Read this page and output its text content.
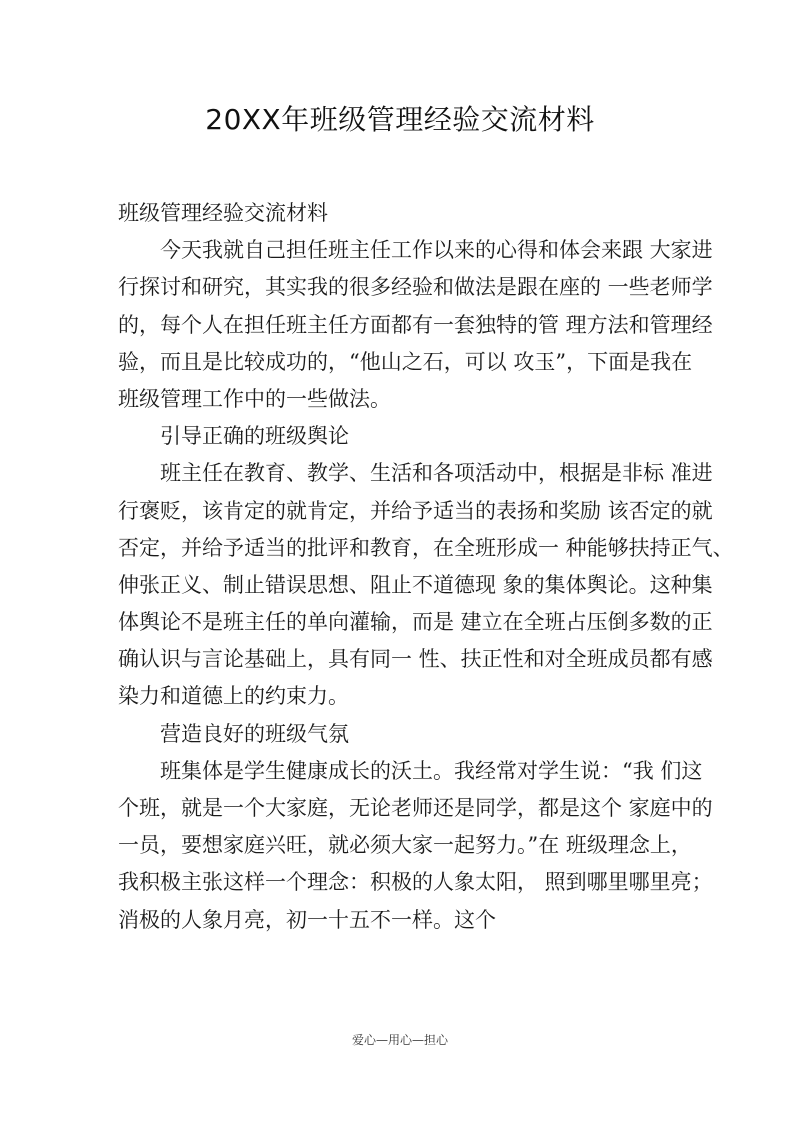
20XX年班级管理经验交流材料
班级管理经验交流材料
今天我就自己担任班主任工作以来的心得和体会来跟 大家进
行探讨和研究，其实我的很多经验和做法是跟在座的 一些老师学
的，每个人在担任班主任方面都有一套独特的管 理方法和管理经
验，而且是比较成功的，“他山之石，可以 攻玉”，下面是我在
班级管理工作中的一些做法。
引导正确的班级舆论
班主任在教育、教学、生活和各项活动中，根据是非标 准进
行褒贬，该肯定的就肯定，并给予适当的表扬和奖励 该否定的就
否定，并给予适当的批评和教育，在全班形成一 种能够扶持正气、
伸张正义、制止错误思想、阻止不道德现 象的集体舆论。这种集
体舆论不是班主任的单向灌输，而是 建立在全班占压倒多数的正
确认识与言论基础上，具有同一 性、扶正性和对全班成员都有感
染力和道德上的约束力。
营造良好的班级气氛
班集体是学生健康成长的沃土。我经常对学生说：“我 们这
个班，就是一个大家庭，无论老师还是同学，都是这个 家庭中的
一员，要想家庭兴旺，就必须大家一起努力。”在 班级理念上，
我积极主张这样一个理念：积极的人象太阳， 照到哪里哪里亮；
消极的人象月亮，初一十五不一样。这个
爱心—用心—担心
